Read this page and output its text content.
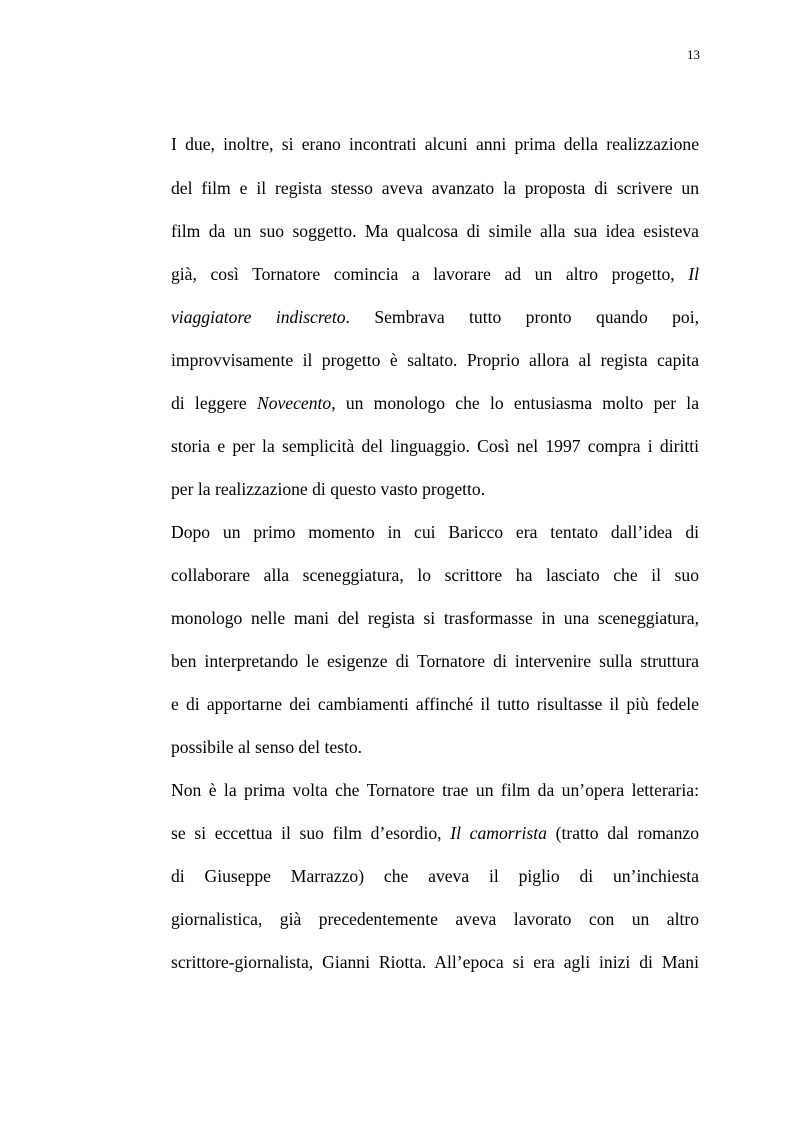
13
I due, inoltre, si erano incontrati alcuni anni prima della realizzazione
del film e il regista stesso aveva avanzato la proposta di scrivere un
film da un suo soggetto. Ma qualcosa di simile alla sua idea esisteva
già, così Tornatore comincia a lavorare ad un altro progetto, Il
viaggiatore indiscreto. Sembrava tutto pronto quando poi,
improvvisamente il progetto è saltato. Proprio allora al regista capita
di leggere Novecento, un monologo che lo entusiasma molto per la
storia e per la semplicità del linguaggio. Così nel 1997 compra i diritti
per la realizzazione di questo vasto progetto.
Dopo un primo momento in cui Baricco era tentato dall’idea di
collaborare alla sceneggiatura, lo scrittore ha lasciato che il suo
monologo nelle mani del regista si trasformasse in una sceneggiatura,
ben interpretando le esigenze di Tornatore di intervenire sulla struttura
e di apportarne dei cambiamenti affinché il tutto risultasse il più fedele
possibile al senso del testo.
Non è la prima volta che Tornatore trae un film da un’opera letteraria:
se si eccettua il suo film d’esordio, Il camorrista (tratto dal romanzo
di Giuseppe Marrazzo) che aveva il piglio di un’inchiesta
giornalistica, già precedentemente aveva lavorato con un altro
scrittore-giornalista, Gianni Riotta. All’epoca si era agli inizi di Mani
